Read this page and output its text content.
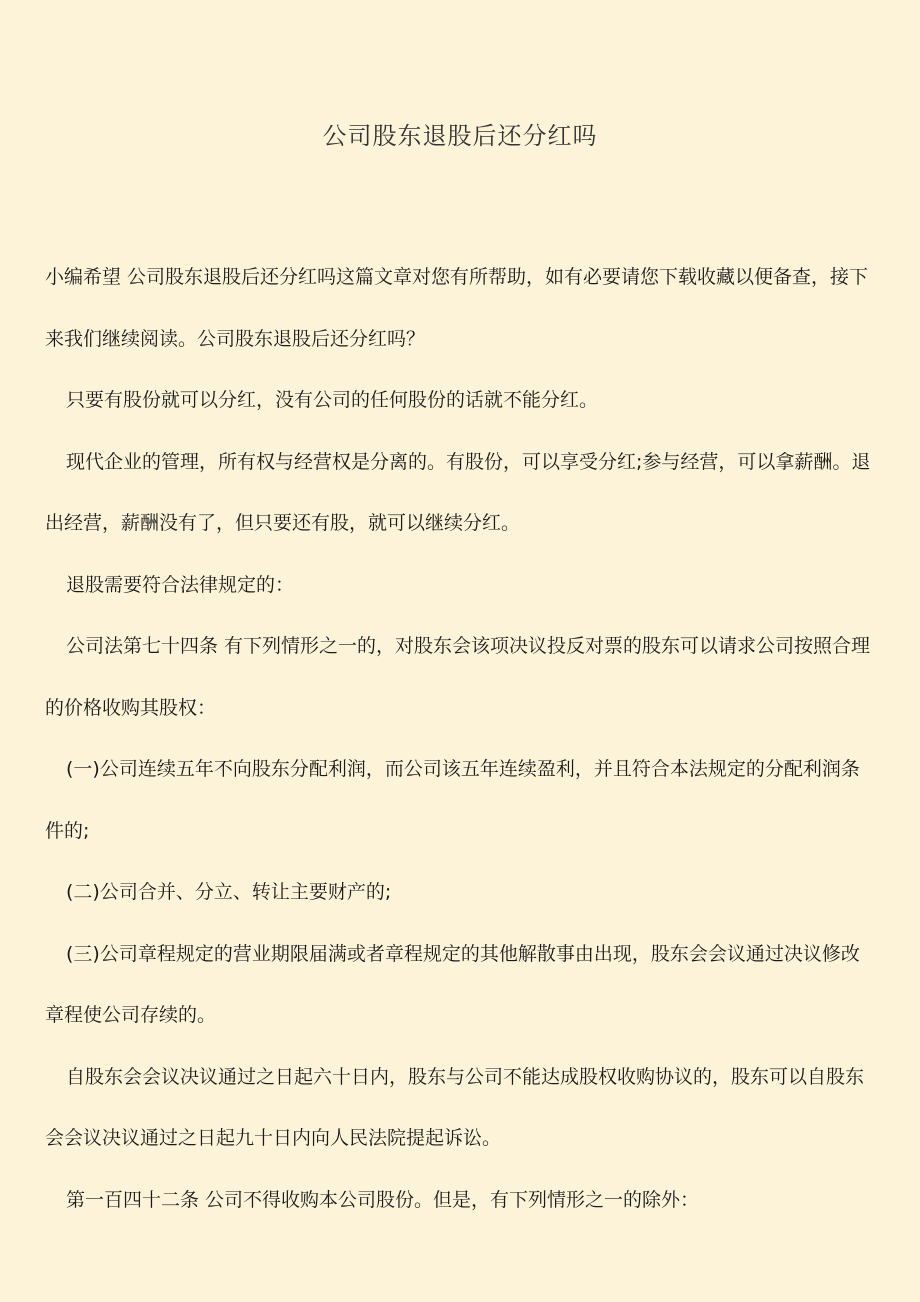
公司股东退股后还分红吗

小编希望 公司股东退股后还分红吗这篇文章对您有所帮助，如有必要请您下载收藏以便备查，接下来我们继续阅读。公司股东退股后还分红吗？

只要有股份就可以分红，没有公司的任何股份的话就不能分红。

现代企业的管理，所有权与经营权是分离的。有股份，可以享受分红;参与经营，可以拿薪酬。退出经营，薪酬没有了，但只要还有股，就可以继续分红。

退股需要符合法律规定的：

公司法第七十四条 有下列情形之一的，对股东会该项决议投反对票的股东可以请求公司按照合理的价格收购其股权：

(一)公司连续五年不向股东分配利润，而公司该五年连续盈利，并且符合本法规定的分配利润条件的;

(二)公司合并、分立、转让主要财产的;

(三)公司章程规定的营业期限届满或者章程规定的其他解散事由出现，股东会会议通过决议修改章程使公司存续的。

自股东会会议决议通过之日起六十日内，股东与公司不能达成股权收购协议的，股东可以自股东会会议决议通过之日起九十日内向人民法院提起诉讼。

第一百四十二条 公司不得收购本公司股份。但是，有下列情形之一的除外：
